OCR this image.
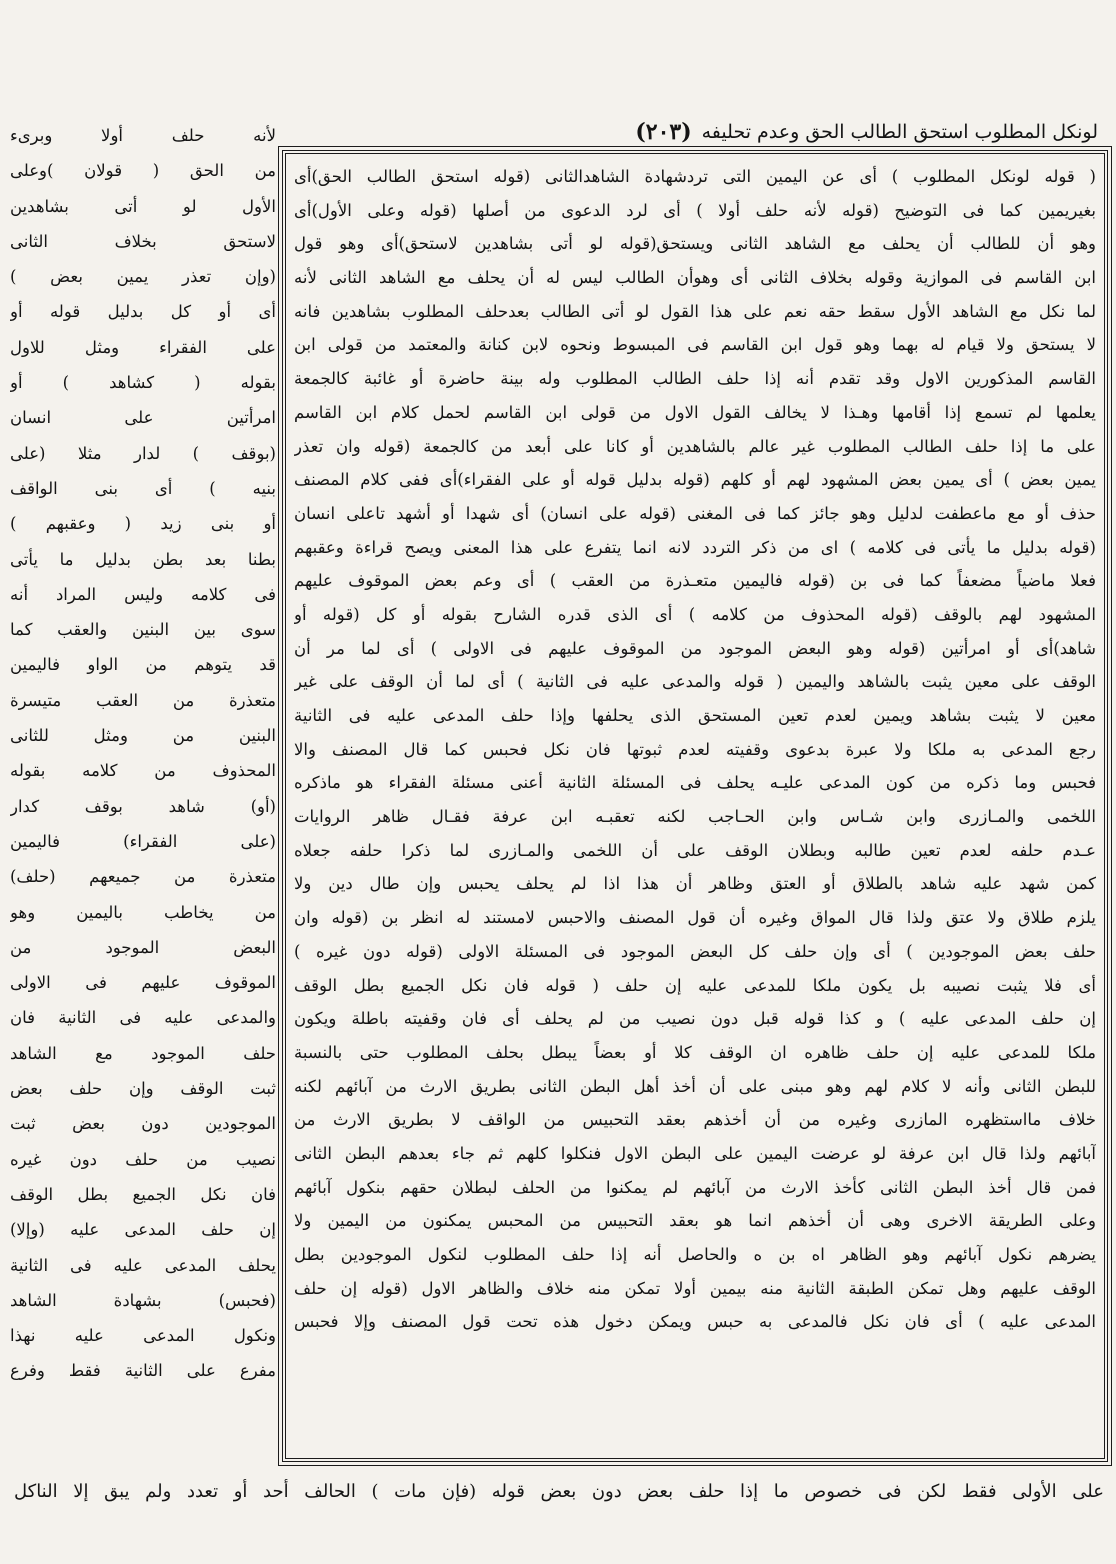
لونكل المطلوب استحق الطالب الحق وعدم تحليفه
(٢٠٣)
( قوله لونكل المطلوب ) أى عن اليمين التى تردشهادة الشاهدالثانى (قوله استحق الطالب الحق)أى
بغيريمين كما فى التوضيح (قوله لأنه حلف أولا ) أى لرد الدعوى من أصلها (قوله وعلى الأول)أى
وهو أن للطالب أن يحلف مع الشاهد الثانى ويستحق(قوله لو أتى بشاهدين لاستحق)أى وهو قول
ابن القاسم فى الموازية وقوله بخلاف الثانى أى وهوأن الطالب ليس له أن يحلف مع الشاهد الثانى لأنه
لما نكل مع الشاهد الأول سقط حقه نعم على هذا القول لو أتى الطالب بعدحلف المطلوب بشاهدين فانه
لا يستحق ولا قيام له بهما وهو قول ابن القاسم فى المبسوط ونحوه لابن كنانة والمعتمد من قولى ابن
القاسم المذكورين الاول وقد تقدم أنه إذا حلف الطالب المطلوب وله بينة حاضرة أو غائبة كالجمعة
يعلمها لم تسمع إذا أقامها وهـذا لا يخالف القول الاول من قولى ابن القاسم لحمل كلام ابن القاسم
على ما إذا حلف الطالب المطلوب غير عالم بالشاهدين أو كانا على أبعد من كالجمعة (قوله وان تعذر
يمين بعض ) أى يمين بعض المشهود لهم أو كلهم (قوله بدليل قوله أو على الفقراء)أى ففى كلام المصنف
حذف أو مع ماعطفت لدليل وهو جائز كما فى المغنى (قوله على انسان) أى شهدا أو أشهد تاعلى انسان
(قوله بدليل ما يأتى فى كلامه ) اى من ذكر التردد لانه انما يتفرع على هذا المعنى ويصح قراءة وعقبهم
فعلا ماضياً مضعفاً كما فى بن (قوله فاليمين متعـذرة من العقب ) أى وعم بعض الموقوف عليهم
المشهود لهم بالوقف (قوله المحذوف من كلامه ) أى الذى قدره الشارح بقوله أو كل (قوله أو
شاهد)أى أو امرأتين (قوله وهو البعض الموجود من الموقوف عليهم فى الاولى ) أى لما مر أن
الوقف على معين يثبت بالشاهد واليمين ( قوله والمدعى عليه فى الثانية ) أى لما أن الوقف على غير
معين لا يثبت بشاهد ويمين لعدم تعين المستحق الذى يحلفها وإذا حلف المدعى عليه فى الثانية
رجع المدعى به ملكا ولا عبرة بدعوى وقفيته لعدم ثبوتها فان نكل فحبس كما قال المصنف والا
فحبس وما ذكره من كون المدعى عليـه يحلف فى المسئلة الثانية أعنى مسئلة الفقراء هو ماذكره
اللخمى والمـازرى وابن شـاس وابن الحـاجب لكنه تعقبـه ابن عرفة فقـال ظاهر الروايات
عـدم حلفه لعدم تعين طالبه وبطلان الوقف على أن اللخمى والمـازرى لما ذكرا حلفه جعلاه
كمن شهد عليه شاهد بالطلاق أو العتق وظاهر أن هذا اذا لم يحلف يحبس وإن طال دين ولا
يلزم طلاق ولا عتق ولذا قال المواق وغيره أن قول المصنف والاحبس لامستند له انظر بن (قوله وان
حلف بعض الموجودين ) أى وإن حلف كل البعض الموجود فى المسئلة الاولى (قوله دون غيره )
أى فلا يثبت نصيبه بل يكون ملكا للمدعى عليه إن حلف ( قوله فان نكل الجميع بطل الوقف
إن حلف المدعى عليه ) و كذا قوله قبل دون نصيب من لم يحلف أى فان وقفيته باطلة ويكون
ملكا للمدعى عليه إن حلف ظاهره ان الوقف كلا أو بعضاً يبطل بحلف المطلوب حتى بالنسبة
للبطن الثانى وأنه لا كلام لهم وهو مبنى على أن أخذ أهل البطن الثانى بطريق الارث من آبائهم لكنه
خلاف مااستظهره المازرى وغيره من أن أخذهم بعقد التحبيس من الواقف لا بطريق الارث من
آبائهم ولذا قال ابن عرفة لو عرضت اليمين على البطن الاول فنكلوا كلهم ثم جاء بعدهم البطن الثانى
فمن قال أخذ البطن الثانى كأخذ الارث من آبائهم لم يمكنوا من الحلف لبطلان حقهم بنكول آبائهم
وعلى الطريقة الاخرى وهى أن أخذهم انما هو بعقد التحبيس من المحبس يمكنون من اليمين ولا
يضرهم نكول آبائهم وهو الظاهر اه بن ه والحاصل أنه إذا حلف المطلوب لنكول الموجودين بطل
الوقف عليهم وهل تمكن الطبقة الثانية منه بيمين أولا تمكن منه خلاف والظاهر الاول (قوله إن حلف
المدعى عليه ) أى فان نكل فالمدعى به حبس ويمكن دخول هذه تحت قول المصنف وإلا فحبس
لأنه حلف أولا وبرىء
من الحق ( قولان )وعلى
الأول لو أتى بشاهدين
لاستحق بخلاف الثانى
(وإن تعذر يمين بعض )
أى أو كل بدليل قوله أو
على الفقراء ومثل للاول
بقوله ( كشاهد ) أو
امرأتين على انسان
(بوقف ) لدار مثلا (على
بنيه ) أى بنى الواقف
أو بنى زيد ( وعقبهم )
بطنا بعد بطن بدليل ما يأتى
فى كلامه وليس المراد أنه
سوى بين البنين والعقب كما
قد يتوهم من الواو فاليمين
متعذرة من العقب متيسرة
البنين من ومثل للثانى
المحذوف من كلامه بقوله
(أو) شاهد بوقف كدار
(على الفقراء) فاليمين
متعذرة من جميعهم (حلف)
من يخاطب باليمين وهو
البعض الموجود من
الموقوف عليهم فى الاولى
والمدعى عليه فى الثانية فان
حلف الموجود مع الشاهد
ثبت الوقف وإن حلف بعض
الموجودين دون بعض ثبت
نصيب من حلف دون غيره
فان نكل الجميع بطل الوقف
إن حلف المدعى عليه (وإلا)
يحلف المدعى عليه فى الثانية
(فحبس) بشهادة الشاهد
ونكول المدعى عليه نهذا
مفرع على الثانية فقط وفرع
على الأولى فقط لكن فى خصوص ما إذا حلف بعض دون بعض قوله (فإن مات ) الحالف أحد أو تعدد ولم يبق إلا الناكل
